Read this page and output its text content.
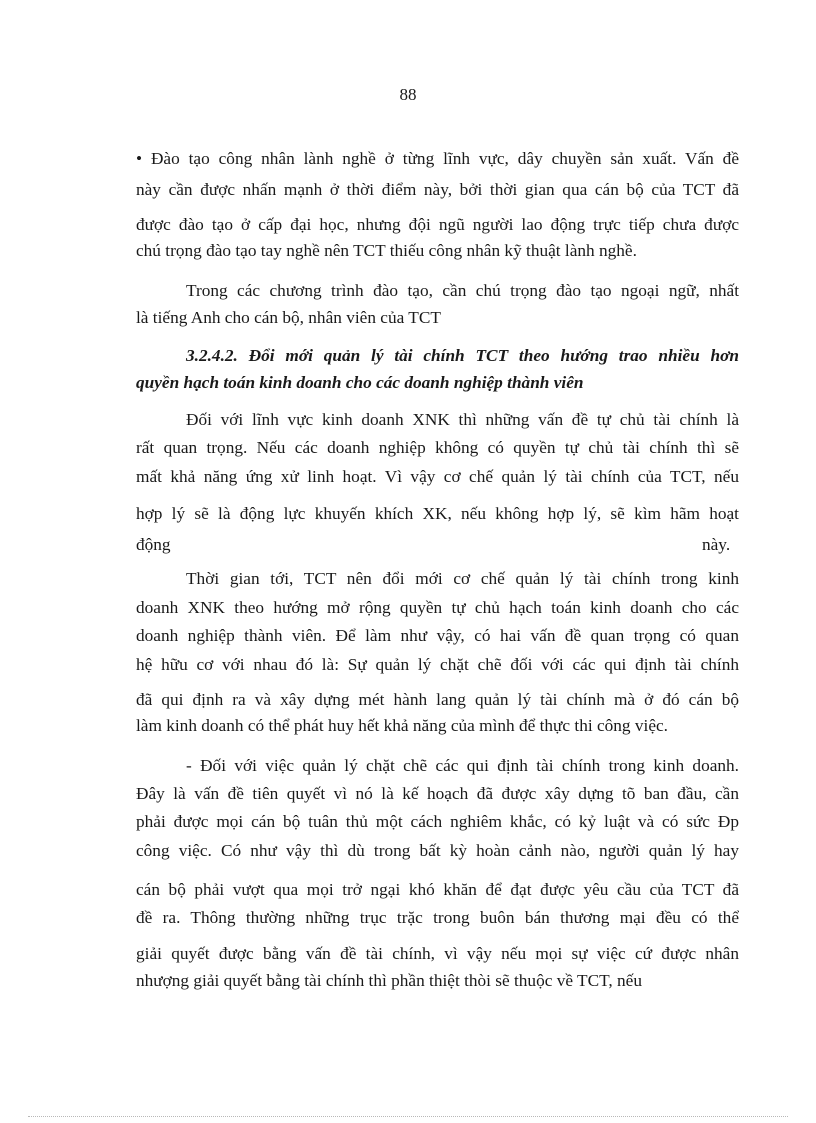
88
• Đào tạo công nhân lành nghề ở từng lĩnh vực, dây chuyền sản xuất. Vấn đề
này cần được nhấn mạnh ở thời điểm này, bởi thời gian qua cán bộ của TCT đã
được đào tạo ở cấp đại học, nhưng đội ngũ người lao động trực tiếp chưa được
chú trọng đào tạo tay nghề nên TCT thiếu công nhân kỹ thuật lành nghề.
Trong các chương trình đào tạo, cần chú trọng đào tạo ngoại ngữ, nhất
là tiếng Anh cho cán bộ, nhân viên của TCT
3.2.4.2. Đổi mới quản lý tài chính TCT theo hướng trao nhiều hơn
quyền hạch toán kinh doanh cho các doanh nghiệp thành viên
Đối với lĩnh vực kinh doanh XNK thì những vấn đề tự chủ tài chính là
rất quan trọng. Nếu các doanh nghiệp không có quyền tự chủ tài chính thì sẽ
mất khả năng ứng xử linh hoạt. Vì vậy cơ chế quản lý tài chính của TCT, nếu
hợp lý sẽ là động lực khuyến khích XK, nếu không hợp lý, sẽ kìm hãm hoạt
động	này.
Thời gian tới, TCT nên đổi mới cơ chế quản lý tài chính trong kinh
doanh XNK theo hướng mở rộng quyền tự chủ hạch toán kinh doanh cho các
doanh nghiệp thành viên. Để làm như vậy, có hai vấn đề quan trọng có quan
hệ hữu cơ với nhau đó là: Sự quản lý chặt chẽ đối với các qui định tài chính
đã qui định ra và xây dựng mét hành lang quản lý tài chính mà ở đó cán bộ
làm kinh doanh có thể phát huy hết khả năng của mình để thực thi công việc.
- Đối với việc quản lý chặt chẽ các qui định tài chính trong kinh doanh.
Đây là vấn đề tiên quyết vì nó là kế hoạch đã được xây dựng tõ ban đầu, cần
phải được mọi cán bộ tuân thủ một cách nghiêm khắc, có kỷ luật và có sức Ðp
công việc. Có như vậy thì dù trong bất kỳ hoàn cảnh nào, người quản lý hay
cán bộ phải vượt qua mọi trở ngại khó khăn để đạt được yêu cầu của TCT đã
đề ra. Thông thường những trục trặc trong buôn bán thương mại đều có thể
giải quyết được bằng vấn đề tài chính, vì vậy nếu mọi sự việc cứ được nhân
nhượng giải quyết bằng tài chính thì phần thiệt thòi sẽ thuộc về TCT, nếu
